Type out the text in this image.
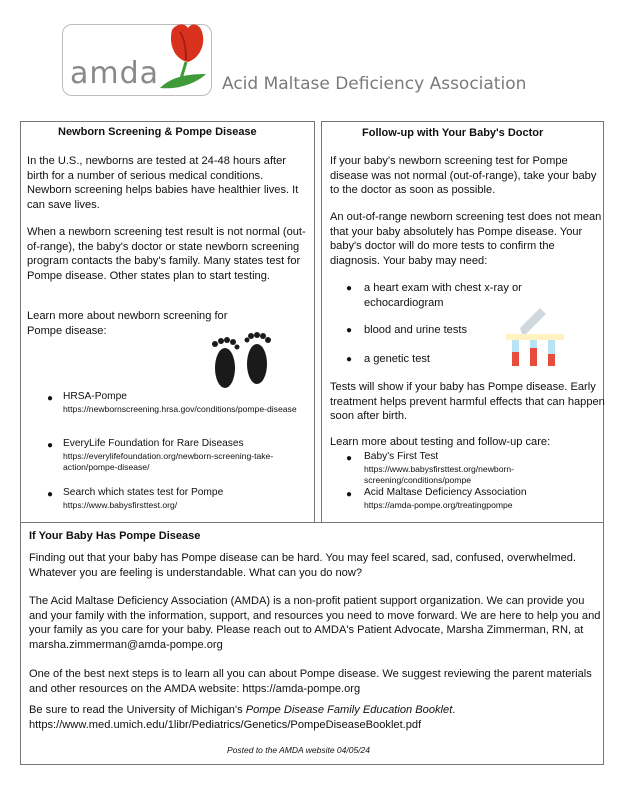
amda	Acid Maltase Deficiency Association
Newborn Screening & Pompe Disease
In the U.S., newborns are tested at 24-48 hours after birth for a number of serious medical conditions. Newborn screening helps babies have healthier lives. It can save lives.
When a newborn screening test result is not normal (out-of-range), the baby's doctor or state newborn screening program contacts the baby's family. Many states test for Pompe disease. Other states plan to start testing.
Learn more about newborn screening for Pompe disease:
● HRSA-Pompe
https://newbornscreening.hrsa.gov/conditions/pompe-disease
● EveryLife Foundation for Rare Diseases
https://everylifefoundation.org/newborn-screening-take-action/pompe-disease/
● Search which states test for Pompe
https://www.babysfirsttest.org/
Follow-up with Your Baby's Doctor
If your baby's newborn screening test for Pompe disease was not normal (out-of-range), take your baby to the doctor as soon as possible.
An out-of-range newborn screening test does not mean that your baby absolutely has Pompe disease. Your baby's doctor will do more tests to confirm the diagnosis. Your baby may need:
● a heart exam with chest x-ray or echocardiogram
● blood and urine tests
● a genetic test
Tests will show if your baby has Pompe disease. Early treatment helps prevent harmful effects that can happen soon after birth.
Learn more about testing and follow-up care:
● Baby's First Test
https://www.babysfirsttest.org/newborn-screening/conditions/pompe
● Acid Maltase Deficiency Association
https://amda-pompe.org/treatingpompe
If Your Baby Has Pompe Disease
Finding out that your baby has Pompe disease can be hard. You may feel scared, sad, confused, overwhelmed. Whatever you are feeling is understandable. What can you do now?
The Acid Maltase Deficiency Association (AMDA) is a non-profit patient support organization. We can provide you and your family with the information, support, and resources you need to move forward. We are here to help you and your family as you care for your baby. Please reach out to AMDA's Patient Advocate, Marsha Zimmerman, RN, at marsha.zimmerman@amda-pompe.org
One of the best next steps is to learn all you can about Pompe disease. We suggest reviewing the parent materials and other resources on the AMDA website: https://amda-pompe.org
Be sure to read the University of Michigan's Pompe Disease Family Education Booklet.
https://www.med.umich.edu/1libr/Pediatrics/Genetics/PompeDiseaseBooklet.pdf
Posted to the AMDA website 04/05/24
